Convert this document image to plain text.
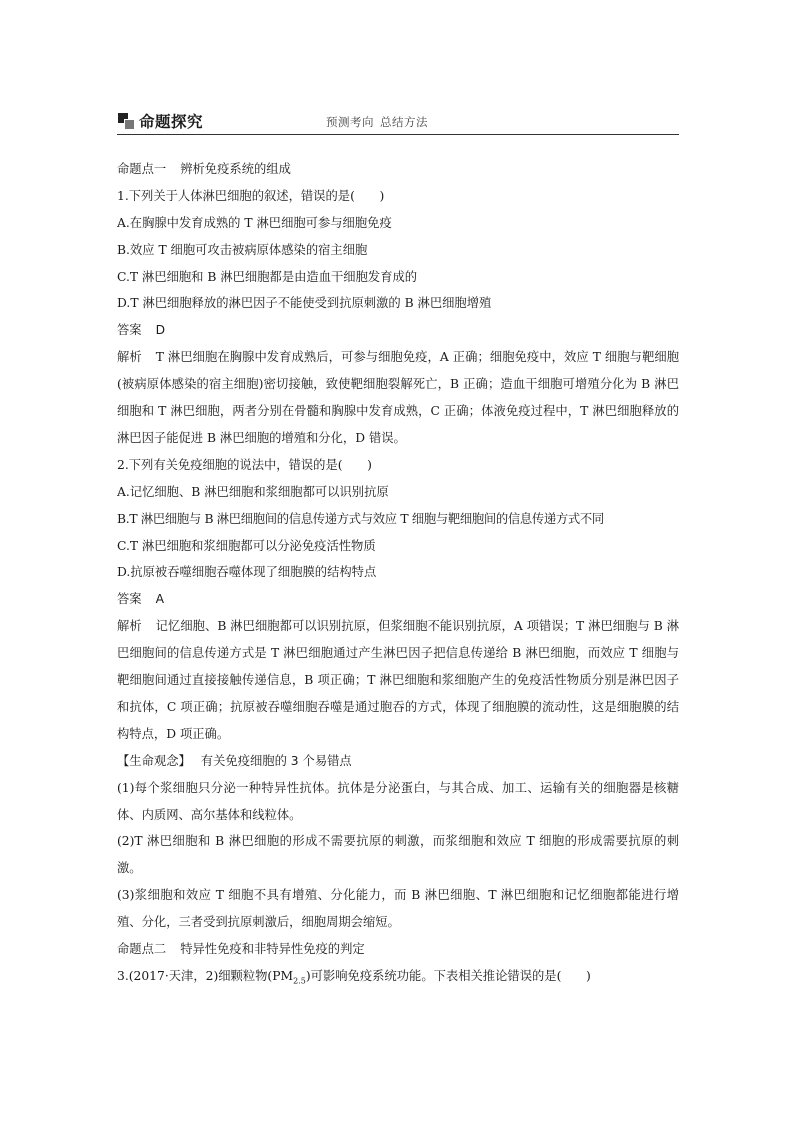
命题探究	预测考向 总结方法
命题点一 辨析免疫系统的组成
1.下列关于人体淋巴细胞的叙述，错误的是(　　)
A.在胸腺中发育成熟的 T 淋巴细胞可参与细胞免疫
B.效应 T 细胞可攻击被病原体感染的宿主细胞
C.T 淋巴细胞和 B 淋巴细胞都是由造血干细胞发育成的
D.T 淋巴细胞释放的淋巴因子不能使受到抗原刺激的 B 淋巴细胞增殖
答案 D
解析 T 淋巴细胞在胸腺中发育成熟后，可参与细胞免疫，A 正确；细胞免疫中，效应 T 细胞与靶细胞(被病原体感染的宿主细胞)密切接触，致使靶细胞裂解死亡，B 正确；造血干细胞可增殖分化为 B 淋巴细胞和 T 淋巴细胞，两者分别在骨髓和胸腺中发育成熟，C 正确；体液免疫过程中，T 淋巴细胞释放的淋巴因子能促进 B 淋巴细胞的增殖和分化，D 错误。
2.下列有关免疫细胞的说法中，错误的是(　　)
A.记忆细胞、B 淋巴细胞和浆细胞都可以识别抗原
B.T 淋巴细胞与 B 淋巴细胞间的信息传递方式与效应 T 细胞与靶细胞间的信息传递方式不同
C.T 淋巴细胞和浆细胞都可以分泌免疫活性物质
D.抗原被吞噬细胞吞噬体现了细胞膜的结构特点
答案 A
解析 记忆细胞、B 淋巴细胞都可以识别抗原，但浆细胞不能识别抗原，A 项错误；T 淋巴细胞与 B 淋巴细胞间的信息传递方式是 T 淋巴细胞通过产生淋巴因子把信息传递给 B 淋巴细胞，而效应 T 细胞与靶细胞间通过直接接触传递信息，B 项正确；T 淋巴细胞和浆细胞产生的免疫活性物质分别是淋巴因子和抗体，C 项正确；抗原被吞噬细胞吞噬是通过胞吞的方式，体现了细胞膜的流动性，这是细胞膜的结构特点，D 项正确。
【生命观念】 有关免疫细胞的 3 个易错点
(1)每个浆细胞只分泌一种特异性抗体。抗体是分泌蛋白，与其合成、加工、运输有关的细胞器是核糖体、内质网、高尔基体和线粒体。
(2)T 淋巴细胞和 B 淋巴细胞的形成不需要抗原的刺激，而浆细胞和效应 T 细胞的形成需要抗原的刺激。
(3)浆细胞和效应 T 细胞不具有增殖、分化能力，而 B 淋巴细胞、T 淋巴细胞和记忆细胞都能进行增殖、分化，三者受到抗原刺激后，细胞周期会缩短。
命题点二 特异性免疫和非特异性免疫的判定
3.(2017·天津，2)细颗粒物$(PM_{2.5})$可影响免疫系统功能。下表相关推论错误的是(　　)
